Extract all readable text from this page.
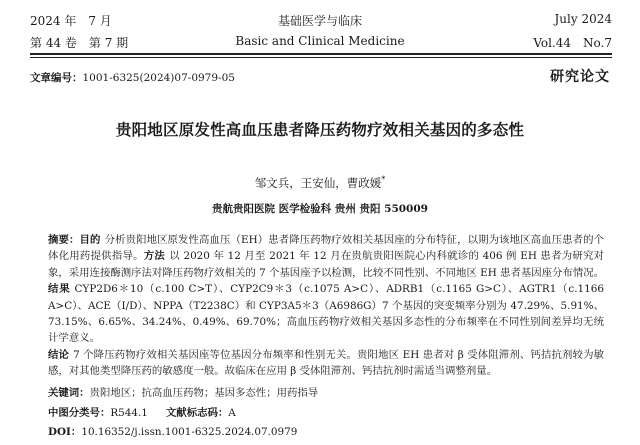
2024 年　7 月
第 44 卷　第 7 期
基础医学与临床
Basic and Clinical Medicine
July 2024
Vol.44　No.7
文章编号：1001-6325(2024)07-0979-05	研究论文
贵阳地区原发性高血压患者降压药物疗效相关基因的多态性
邹文兵，王安仙，曹政媛*
贵航贵阳医院 医学检验科 贵州 贵阳 550009
摘要：目的 分析贵阳地区原发性高血压（EH）患者降压药物疗效相关基因座的分布特征，以期为该地区高血压患者的个体化用药提供指导。方法 以 2020 年 12 月至 2021 年 12 月在贵航贵阳医院心内科就诊的 406 例 EH 患者为研究对象，采用连接酶测序法对降压药物疗效相关的 7 个基因座予以检测，比较不同性别、不同地区 EH 患者基因座分布情况。结果 CYP2D6＊10（c.100 C>T）、CYP2C9＊3（c.1075 A>C）、ADRB1（c.1165 G>C）、AGTR1（c.1166 A>C）、ACE（I/D）、NPPA（T2238C）和 CYP3A5＊3（A6986G）7 个基因的突变频率分别为 47.29%、5.91%、73.15%、6.65%、34.24%、0.49%、69.70%；高血压药物疗效相关基因多态性的分布频率在不同性别间差异均无统计学意义。
结论 7 个降压药物疗效相关基因座等位基因分布频率和性别无关。贵阳地区 EH 患者对 β 受体阻滞剂、钙拮抗剂较为敏感，对其他类型降压药的敏感度一般。故临床在应用 β 受体阻滞剂、钙拮抗剂时需适当调整剂量。
关键词：贵阳地区；抗高血压药物；基因多态性；用药指导
中图分类号：R544.1 文献标志码：A
DOI：10.16352/j.issn.1001-6325.2024.07.0979
